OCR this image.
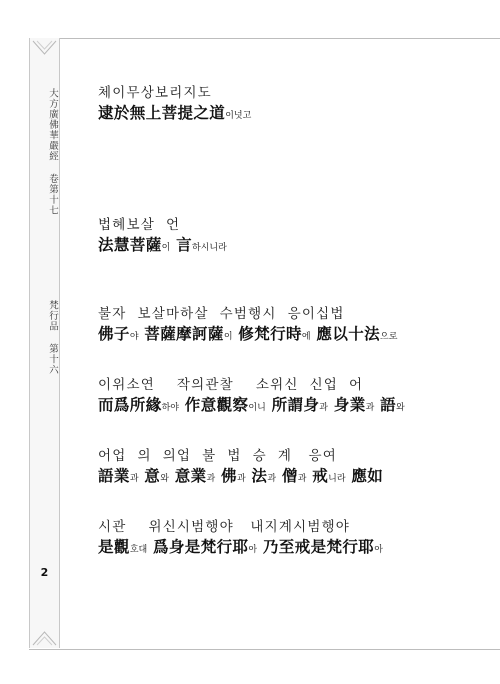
大方廣佛華嚴經 卷第十七
梵行品 第十六
2
체이무상보리지도
逮於無上菩提之道이넛고
법혜보살  언
法慧菩薩이 言하시니라
불자  보살마하살  수범행시  응이십법
佛子야 菩薩摩訶薩이 修梵行時에 應以十法으로
이위소연    작의관찰    소위신  신업  어
而爲所緣하야 作意觀察이니 所謂身과 身業과 語와
어업  의  의업  불  법  승  계   응여
語業과 意와 意業과 佛과 法과 僧과 戒니라 應如
시관    위신시범행야   내지계시범행야
是觀호대 爲身是梵行耶아 乃至戒是梵行耶아
